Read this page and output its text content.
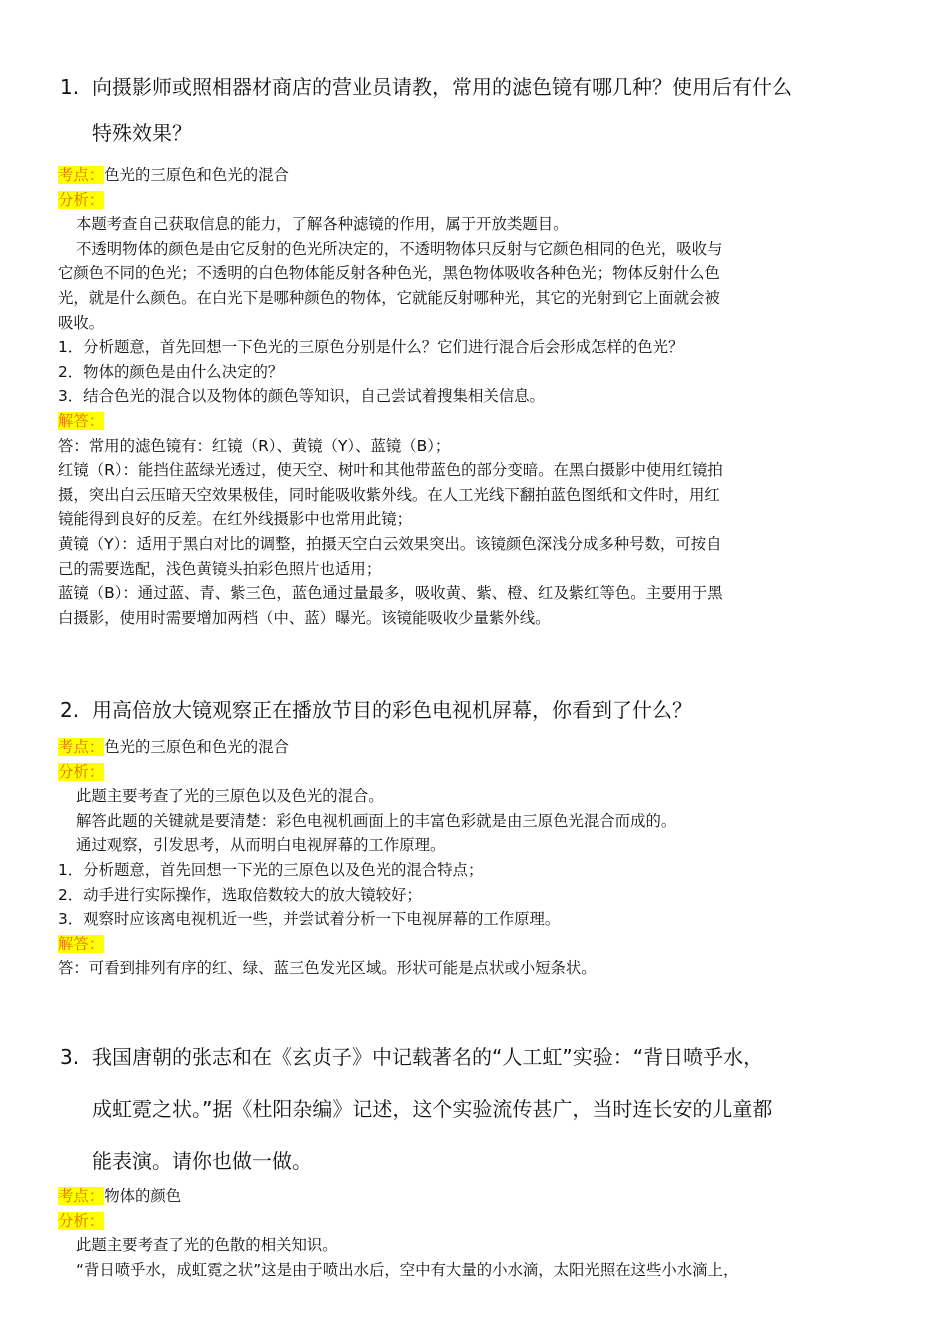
1. 向摄影师或照相器材商店的营业员请教，常用的滤色镜有哪几种？使用后有什么
特殊效果？
考点：色光的三原色和色光的混合
分析：
本题考查自己获取信息的能力，了解各种滤镜的作用，属于开放类题目。
不透明物体的颜色是由它反射的色光所决定的，不透明物体只反射与它颜色相同的色光，吸收与
它颜色不同的色光；不透明的白色物体能反射各种色光，黑色物体吸收各种色光；物体反射什么色
光，就是什么颜色。在白光下是哪种颜色的物体，它就能反射哪种光，其它的光射到它上面就会被
吸收。
1．分析题意，首先回想一下色光的三原色分别是什么？它们进行混合后会形成怎样的色光？
2．物体的颜色是由什么决定的？
3．结合色光的混合以及物体的颜色等知识，自己尝试着搜集相关信息。
解答：
答：常用的滤色镜有：红镜（R）、黄镜（Y）、蓝镜（B）；
红镜（R）：能挡住蓝绿光透过，使天空、树叶和其他带蓝色的部分变暗。在黑白摄影中使用红镜拍
摄，突出白云压暗天空效果极佳，同时能吸收紫外线。在人工光线下翻拍蓝色图纸和文件时，用红
镜能得到良好的反差。在红外线摄影中也常用此镜；
黄镜（Y）：适用于黑白对比的调整，拍摄天空白云效果突出。该镜颜色深浅分成多种号数，可按自
己的需要选配，浅色黄镜头拍彩色照片也适用；
蓝镜（B）：通过蓝、青、紫三色，蓝色通过量最多，吸收黄、紫、橙、红及紫红等色。主要用于黑
白摄影，使用时需要增加两档（中、蓝）曝光。该镜能吸收少量紫外线。
2. 用高倍放大镜观察正在播放节目的彩色电视机屏幕，你看到了什么？
考点：色光的三原色和色光的混合
分析：
此题主要考查了光的三原色以及色光的混合。
解答此题的关键就是要清楚：彩色电视机画面上的丰富色彩就是由三原色光混合而成的。
通过观察，引发思考，从而明白电视屏幕的工作原理。
1．分析题意，首先回想一下光的三原色以及色光的混合特点；
2．动手进行实际操作，选取倍数较大的放大镜较好；
3．观察时应该离电视机近一些，并尝试着分析一下电视屏幕的工作原理。
解答：
答：可看到排列有序的红、绿、蓝三色发光区域。形状可能是点状或小短条状。
3. 我国唐朝的张志和在《玄贞子》中记载著名的“人工虹”实验：“背日喷乎水，
成虹霓之状。”据《杜阳杂编》记述，这个实验流传甚广，当时连长安的儿童都
能表演。请你也做一做。
考点：物体的颜色
分析：
此题主要考查了光的色散的相关知识。
“背日喷乎水，成虹霓之状”这是由于喷出水后，空中有大量的小水滴，太阳光照在这些小水滴上，
